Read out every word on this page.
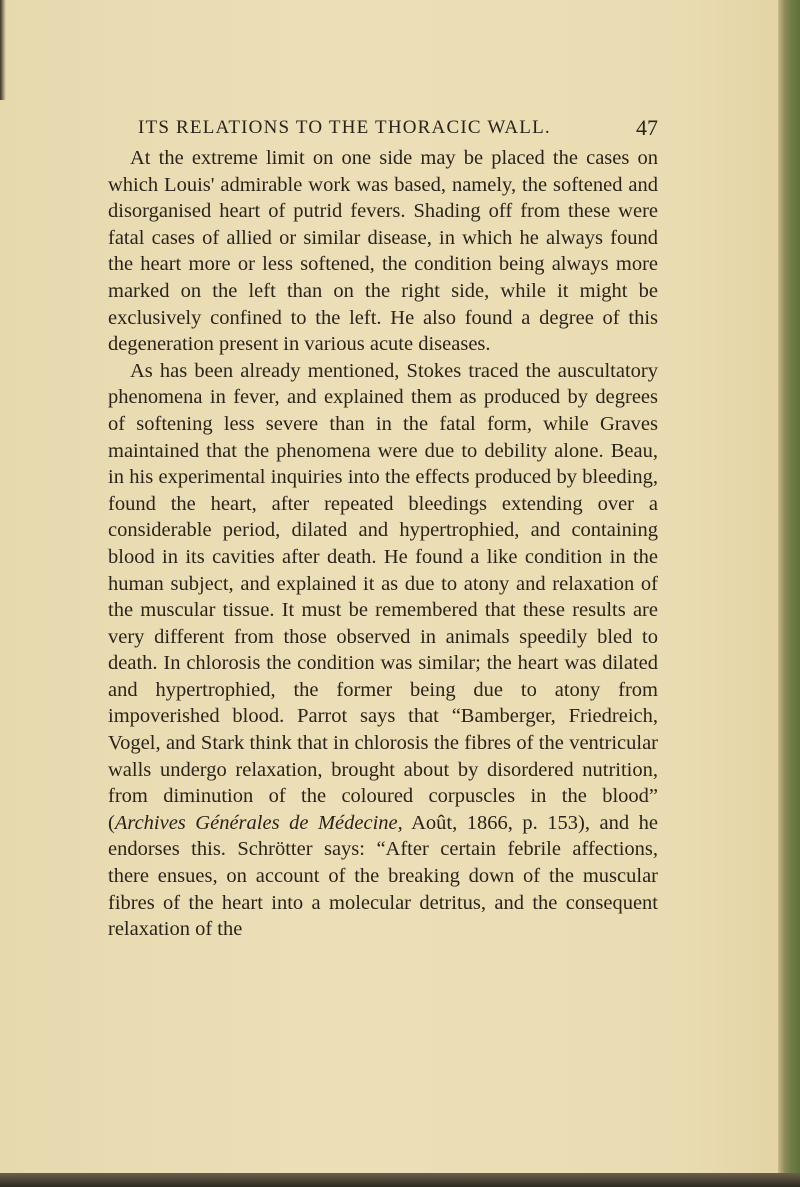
ITS RELATIONS TO THE THORACIC WALL.	47

At the extreme limit on one side may be placed the cases on which Louis' admirable work was based, namely, the softened and disorganised heart of putrid fevers. Shading off from these were fatal cases of allied or similar disease, in which he always found the heart more or less softened, the condition being always more marked on the left than on the right side, while it might be exclusively confined to the left. He also found a degree of this degeneration present in various acute diseases.

As has been already mentioned, Stokes traced the auscultatory phenomena in fever, and explained them as produced by degrees of softening less severe than in the fatal form, while Graves maintained that the phenomena were due to debility alone. Beau, in his experimental inquiries into the effects produced by bleeding, found the heart, after repeated bleedings extending over a considerable period, dilated and hypertrophied, and containing blood in its cavities after death. He found a like condition in the human subject, and explained it as due to atony and relaxation of the muscular tissue. It must be remembered that these results are very different from those observed in animals speedily bled to death. In chlorosis the condition was similar; the heart was dilated and hypertrophied, the former being due to atony from impoverished blood. Parrot says that “Bamberger, Friedreich, Vogel, and Stark think that in chlorosis the fibres of the ventricular walls undergo relaxation, brought about by disordered nutrition, from diminution of the coloured corpuscles in the blood” (Archives Générales de Médecine, Août, 1866, p. 153), and he endorses this. Schrötter says: “After certain febrile affections, there ensues, on account of the breaking down of the muscular fibres of the heart into a molecular detritus, and the consequent relaxation of the
